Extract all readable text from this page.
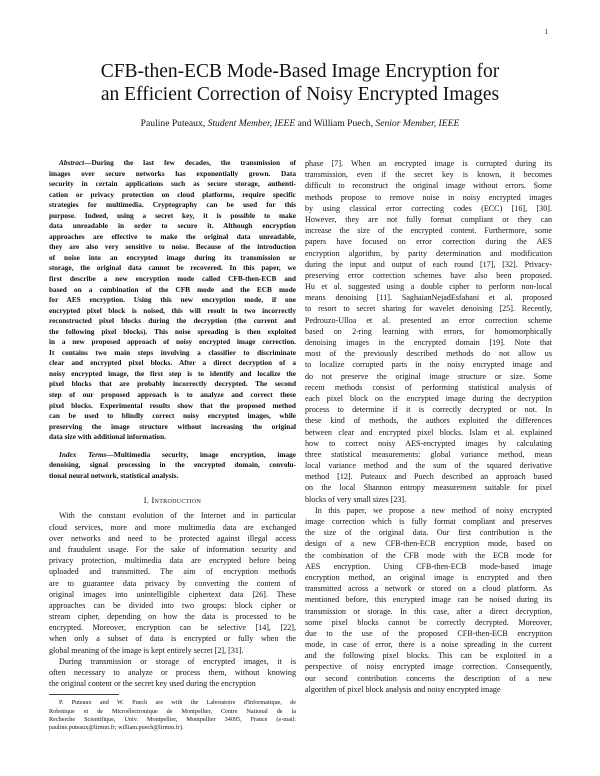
1
CFB-then-ECB Mode-Based Image Encryption for
an Efficient Correction of Noisy Encrypted Images
Pauline Puteaux, Student Member, IEEE and William Puech, Senior Member, IEEE
Abstract—During the last few decades, the transmission of
images over secure networks has exponentially grown. Data
security in certain applications such as secure storage, authenti-
cation or privacy protection on cloud platforms, require specific
strategies for multimedia. Cryptography can be used for this
purpose. Indeed, using a secret key, it is possible to make
data unreadable in order to secure it. Although encryption
approaches are effective to make the original data unreadable,
they are also very sensitive to noise. Because of the introduction
of noise into an encrypted image during its transmission or
storage, the original data cannot be recovered. In this paper, we
first describe a new encryption mode called CFB-then-ECB and
based on a combination of the CFB mode and the ECB mode
for AES encryption. Using this new encryption mode, if one
encrypted pixel block is noised, this will result in two incorrectly
reconstructed pixel blocks during the decryption (the current and
the following pixel blocks). This noise spreading is then exploited
in a new proposed approach of noisy encrypted image correction.
It contains two main steps involving a classifier to discriminate
clear and encrypted pixel blocks. After a direct decryption of a
noisy encrypted image, the first step is to identify and localize the
pixel blocks that are probably incorrectly decrypted. The second
step of our proposed approach is to analyze and correct these
pixel blocks. Experimental results show that the proposed method
can be used to blindly correct noisy encrypted images, while
preserving the image structure without increasing the original
data size with additional information.
Index Terms—Multimedia security, image encryption, image
denoising, signal processing in the encrypted domain, convolu-
tional neural network, statistical analysis.
I. Introduction
With the constant evolution of the Internet and in particular
cloud services, more and more multimedia data are exchanged
over networks and need to be protected against illegal access
and fraudulent usage. For the sake of information security and
privacy protection, multimedia data are encrypted before being
uploaded and transmitted. The aim of encryption methods
are to guarantee data privacy by converting the content of
original images into unintelligible ciphertext data [26]. These
approaches can be divided into two groups: block cipher or
stream cipher, depending on how the data is processed to be
encrypted. Moreover, encryption can be selective [14], [22],
when only a subset of data is encrypted or fully when the
global meaning of the image is kept entirely secret [2], [31].
During transmission or storage of encrypted images, it is
often necessary to analyze or process them, without knowing
the original content or the secret key used during the encryption
P. Puteaux and W. Puech are with the Laboratoire d'Informatique, de
Robotique et de Microélectronique de Montpellier, Centre National de la
Recherche Scientifique, Univ. Montpellier, Montpellier 34095, France (e-mail:
pauline.puteaux@lirmm.fr; william.puech@lirmm.fr).
phase [7]. When an encrypted image is corrupted during its
transmission, even if the secret key is known, it becomes
difficult to reconstruct the original image without errors. Some
methods propose to remove noise in noisy encrypted images
by using classical error correcting codes (ECC) [16], [30].
However, they are not fully format compliant or they can
increase the size of the encrypted content. Furthermore, some
papers have focused on error correction during the AES
encryption algorithm, by parity determination and modification
during the input and output of each round [17], [32]. Privacy-
preserving error correction schemes have also been proposed.
Hu et al. suggested using a double cipher to perform non-local
means denoising [11]. SaghaianNejadEsfahani et al. proposed
to resort to secret sharing for wavelet denoising [25]. Recently,
Pedrouzo-Ulloa et al. presented an error correction scheme
based on 2-ring learning with errors, for homomorphically
denoising images in the encrypted domain [19]. Note that
most of the previously described methods do not allow us
to localize corrupted parts in the noisy encrypted image and
do not preserve the original image structure or size. Some
recent methods consist of performing statistical analysis of
each pixel block on the encrypted image during the decryption
process to determine if it is correctly decrypted or not. In
these kind of methods, the authors exploited the differences
between clear and encrypted pixel blocks. Islam et al. explained
how to correct noisy AES-encrypted images by calculating
three statistical measurements: global variance method, mean
local variance method and the sum of the squared derivative
method [12]. Puteaux and Puech described an approach based
on the local Shannon entropy measurement suitable for pixel
blocks of very small sizes [23].
In this paper, we propose a new method of noisy encrypted
image correction which is fully format compliant and preserves
the size of the original data. Our first contribution is the
design of a new CFB-then-ECB encryption mode, based on
the combination of the CFB mode with the ECB mode for
AES encryption. Using CFB-then-ECB mode-based image
encryption method, an original image is encrypted and then
transmitted across a network or stored on a cloud platform. As
mentioned before, this encrypted image can be noised during its
transmission or storage. In this case, after a direct decryption,
some pixel blocks cannot be correctly decrypted. Moreover,
due to the use of the proposed CFB-then-ECB encryption
mode, in case of error, there is a noise spreading in the current
and the following pixel blocks. This can be exploited in a
perspective of noisy encrypted image correction. Consequently,
our second contribution concerns the description of a new
algorithm of pixel block analysis and noisy encrypted image
